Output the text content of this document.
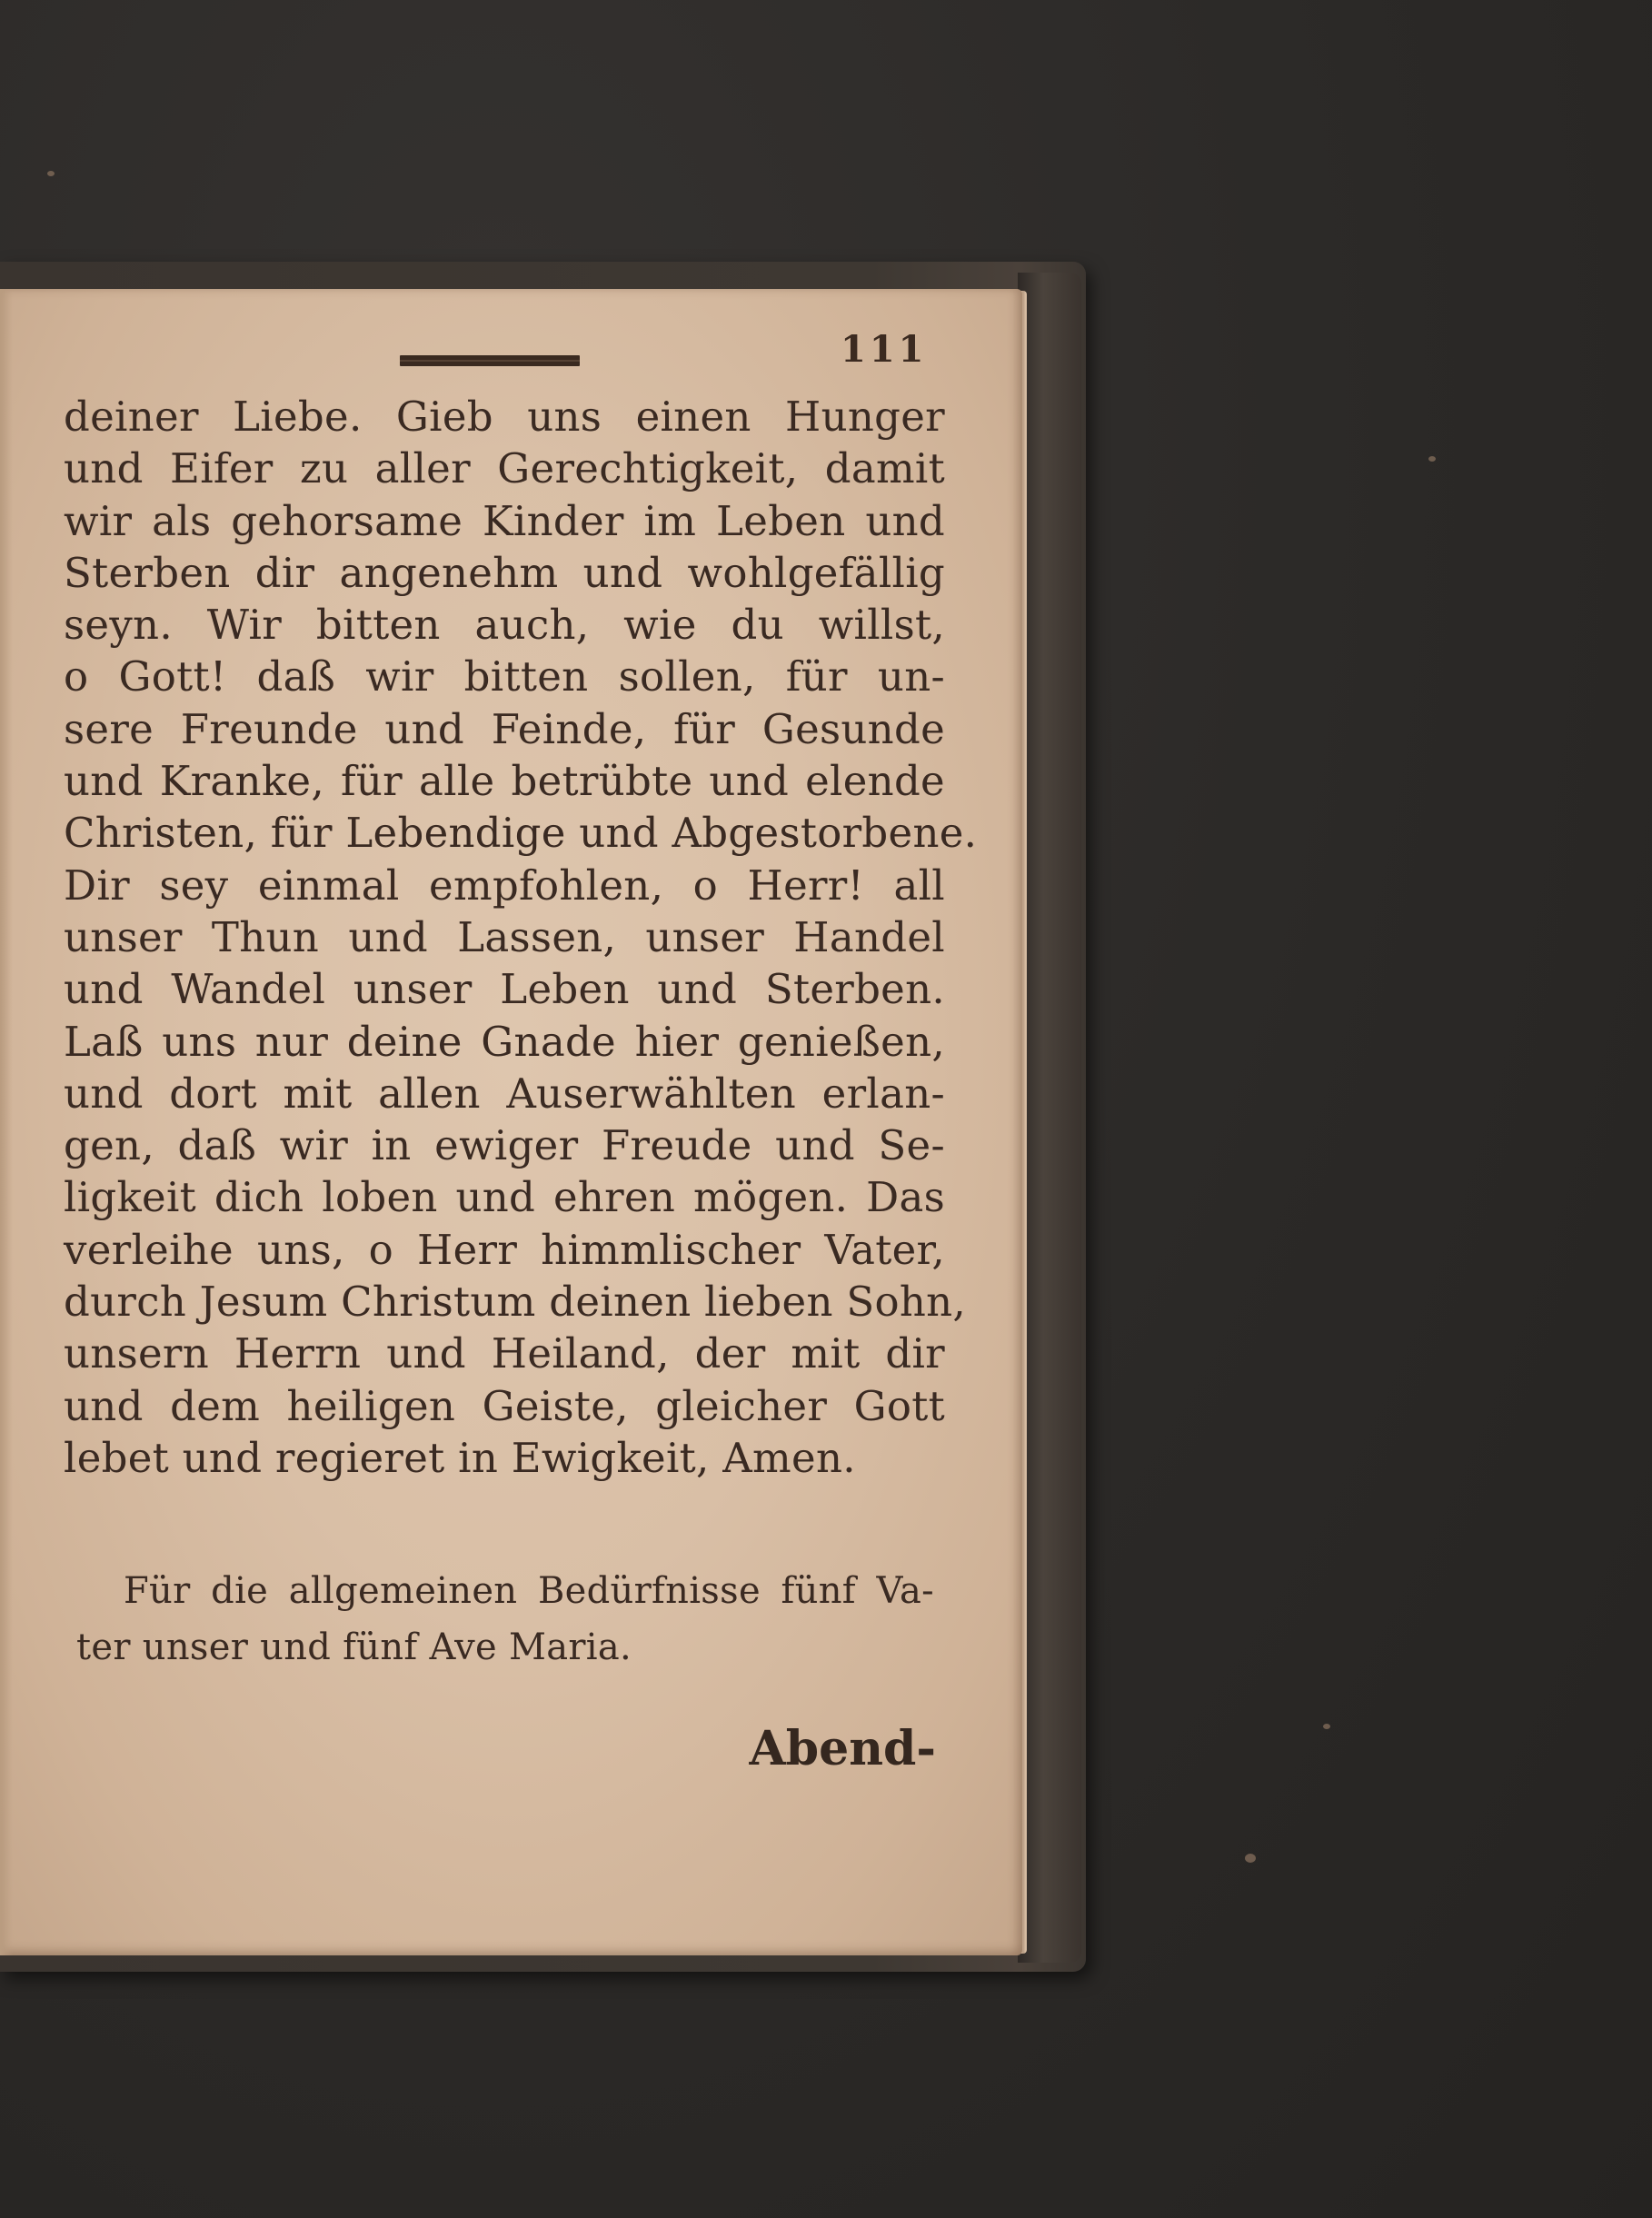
111
deiner Liebe. Gieb uns einen Hunger
und Eifer zu aller Gerechtigkeit, damit
wir als gehorsame Kinder im Leben und
Sterben dir angenehm und wohlgefällig
seyn. Wir bitten auch, wie du willst,
o Gott! daß wir bitten sollen, für un-
sere Freunde und Feinde, für Gesunde
und Kranke, für alle betrübte und elende
Christen, für Lebendige und Abgestorbene.
Dir sey einmal empfohlen, o Herr! all
unser Thun und Lassen, unser Handel
und Wandel unser Leben und Sterben.
Laß uns nur deine Gnade hier genießen,
und dort mit allen Auserwählten erlan-
gen, daß wir in ewiger Freude und Se-
ligkeit dich loben und ehren mögen. Das
verleihe uns, o Herr himmlischer Vater,
durch Jesum Christum deinen lieben Sohn,
unsern Herrn und Heiland, der mit dir
und dem heiligen Geiste, gleicher Gott
lebet und regieret in Ewigkeit, Amen.
Für die allgemeinen Bedürfnisse fünf Va-
ter unser und fünf Ave Maria.
Abend-
